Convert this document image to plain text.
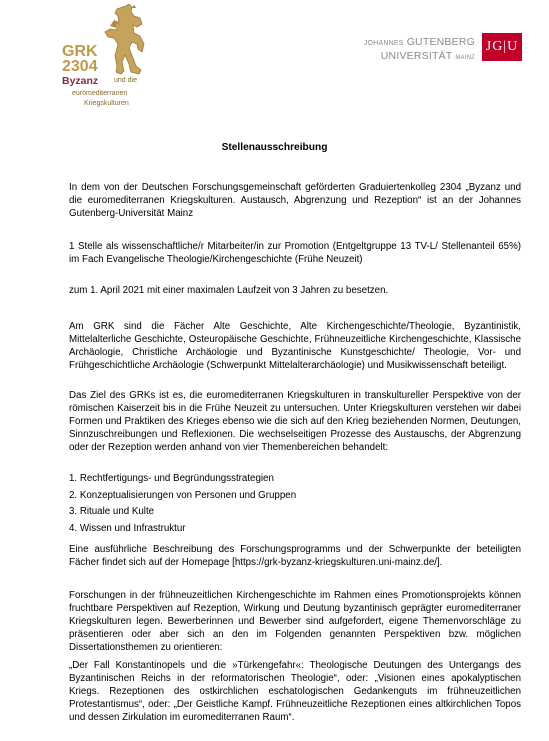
GRK
2304
Byzanz und die
euromediterranen
Kriegskulturen
JOHANNES GUTENBERG
UNIVERSITÄT MAINZ
JG|U
Stellenausschreibung
In dem von der Deutschen Forschungsgemeinschaft geförderten Graduiertenkolleg 2304 „Byzanz und die euromediterranen Kriegskulturen. Austausch, Abgrenzung und Rezeption“ ist an der Johannes Gutenberg-Universität Mainz
1 Stelle als wissenschaftliche/r Mitarbeiter/in zur Promotion (Entgeltgruppe 13 TV-L/ Stellenanteil 65%) im Fach Evangelische Theologie/Kirchengeschichte (Frühe Neuzeit)
zum 1. April 2021 mit einer maximalen Laufzeit von 3 Jahren zu besetzen.
Am GRK sind die Fächer Alte Geschichte, Alte Kirchengeschichte/Theologie, Byzantinistik, Mittelalterliche Geschichte, Osteuropäische Geschichte, Frühneuzeitliche Kirchengeschichte, Klassische Archäologie, Christliche Archäologie und Byzantinische Kunstgeschichte/ Theologie, Vor- und Frühgeschichtliche Archäologie (Schwerpunkt Mittelalterarchäologie) und Musikwissenschaft beteiligt.
Das Ziel des GRKs ist es, die euromediterranen Kriegskulturen in transkultureller Perspektive von der römischen Kaiserzeit bis in die Frühe Neuzeit zu untersuchen. Unter Kriegskulturen verstehen wir dabei Formen und Praktiken des Krieges ebenso wie die sich auf den Krieg beziehenden Normen, Deutungen, Sinnzuschreibungen und Reflexionen. Die wechselseitigen Prozesse des Austauschs, der Abgrenzung oder der Rezeption werden anhand von vier Themenbereichen behandelt:
1. Rechtfertigungs- und Begründungsstrategien
2. Konzeptualisierungen von Personen und Gruppen
3. Rituale und Kulte
4. Wissen und Infrastruktur
Eine ausführliche Beschreibung des Forschungsprogramms und der Schwerpunkte der beteiligten Fächer findet sich auf der Homepage [https://grk-byzanz-kriegskulturen.uni-mainz.de/].
Forschungen in der frühneuzeitlichen Kirchengeschichte im Rahmen eines Promotionsprojekts können fruchtbare Perspektiven auf Rezeption, Wirkung und Deutung byzantinisch geprägter euromediterraner Kriegskulturen legen. Bewerberinnen und Bewerber sind aufgefordert, eigene Themenvorschläge zu präsentieren oder aber sich an den im Folgenden genannten Perspektiven bzw. möglichen Dissertationsthemen zu orientieren:
„Der Fall Konstantinopels und die »Türkengefahr«: Theologische Deutungen des Untergangs des Byzantinischen Reichs in der reformatorischen Theologie“, oder: „Visionen eines apokalyptischen Kriegs. Rezeptionen des ostkirchlichen eschatologischen Gedankenguts im frühneuzeitlichen Protestantismus“, oder: „Der Geistliche Kampf. Frühneuzeitliche Rezeptionen eines altkirchlichen Topos und dessen Zirkulation im euromediterranen Raum“.
